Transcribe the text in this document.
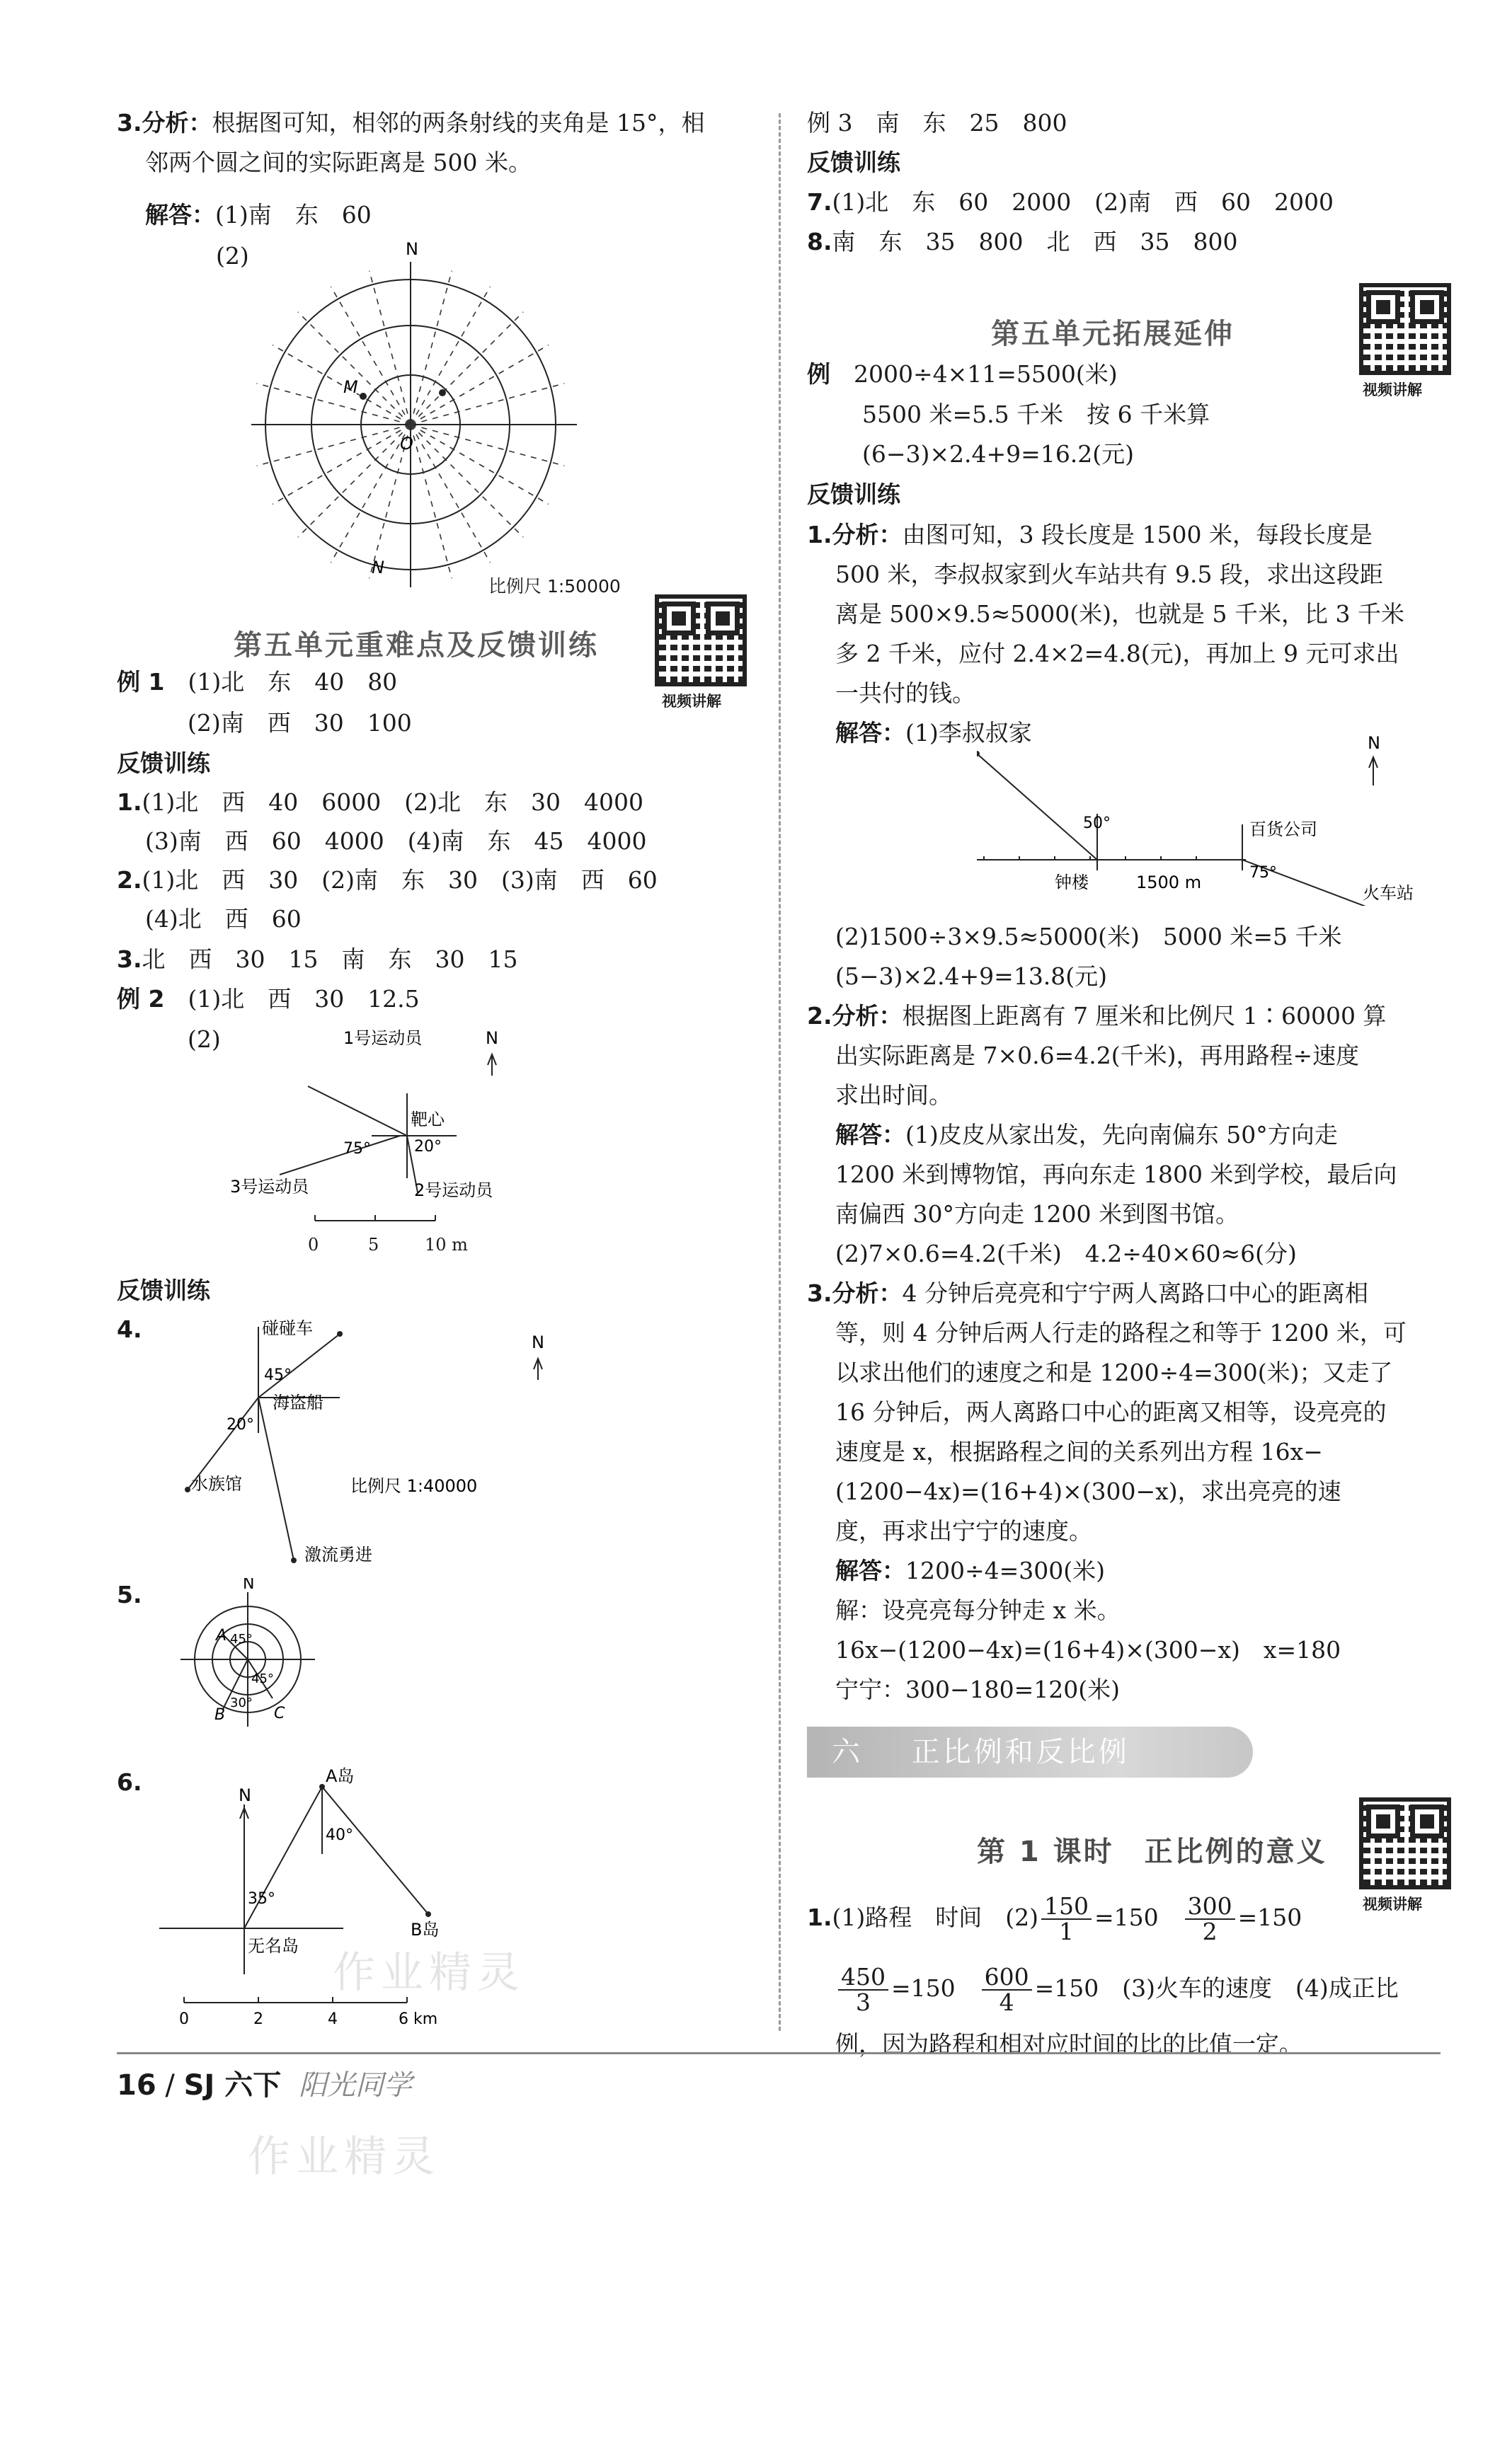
3.分析：根据图可知，相邻的两条射线的夹角是 15°，相
邻两个圆之间的实际距离是 500 米。
解答：(1)南　东　60
(2)	N
M
O
N
比例尺 1:50000
第五单元重难点及反馈训练
视频讲解
例 1　 (1)北　东　40　80
(2)南　西　30　100
反馈训练
1.(1)北　西　40　6000　(2)北　东　30　4000
(3)南　西　60　4000　(4)南　东　45　4000
2.(1)北　西　30　(2)南　东　30　(3)南　西　60
(4)北　西　60
3.北　西　30　15　南　东　30　15
例 2　 (1)北　西　30　12.5
(2)	1号运动员
靶心
75°	20°
3号运动员	2号运动员
N
0	5	10 m
反馈训练
4.	碰碰车
45°
海盗船
20°
水族馆
激流勇进
N
比例尺 1:40000
5.	N
A 45°
45°
30°
B	C
6.	A岛
40°
N
35°
B岛
无名岛
0	2	4	6 km
例 3　南　东　25　800
反馈训练
7.(1)北　东　60　2000　(2)南　西　60　2000
8.南　东　35　800　北　西　35　800
第五单元拓展延伸
视频讲解
例　 2000÷4×11=5500(米)
5500 米=5.5 千米　按 6 千米算
(6−3)×2.4+9=16.2(元)
反馈训练
1.分析：由图可知，3 段长度是 1500 米，每段长度是
500 米，李叔叔家到火车站共有 9.5 段，求出这段距
离是 500×9.5≈5000(米)，也就是 5 千米，比 3 千米
多 2 千米，应付 2.4×2=4.8(元)，再加上 9 元可求出
一共付的钱。
解答：(1)李叔叔家
50°
钟楼	1500 m
百货公司
75°
火车站
N
(2)1500÷3×9.5≈5000(米)　5000 米=5 千米
(5−3)×2.4+9=13.8(元)
2.分析：根据图上距离有 7 厘米和比例尺 1∶60000 算
出实际距离是 7×0.6=4.2(千米)，再用路程÷速度
求出时间。
解答：(1)皮皮从家出发，先向南偏东 50°方向走
1200 米到博物馆，再向东走 1800 米到学校，最后向
南偏西 30°方向走 1200 米到图书馆。
(2)7×0.6=4.2(千米)　4.2÷40×60≈6(分)
3.分析：4 分钟后亮亮和宁宁两人离路口中心的距离相
等，则 4 分钟后两人行走的路程之和等于 1200 米，可
以求出他们的速度之和是 1200÷4=300(米)；又走了
16 分钟后，两人离路口中心的距离又相等，设亮亮的
速度是 x，根据路程之间的关系列出方程 16x−
(1200−4x)=(16+4)×(300−x)，求出亮亮的速
度，再求出宁宁的速度。
解答：1200÷4=300(米)
解：设亮亮每分钟走 x 米。
16x−(1200−4x)=(16+4)×(300−x)　x=180
宁宁：300−180=120(米)
第 1 课时　正比例的意义
视频讲解
1.(1)路程　时间　$(2) \frac{150}{1} =150$　 $\frac{300}{2} =150$
$\frac{450}{3} =150$　 $\frac{600}{4} =150$　 (3)火车的速度　(4)成正比
例，因为路程和相对应时间的比的比值一定。
六 正比例和反比例
作业精灵
作业精灵
16 / SJ 六下 阳光同学
